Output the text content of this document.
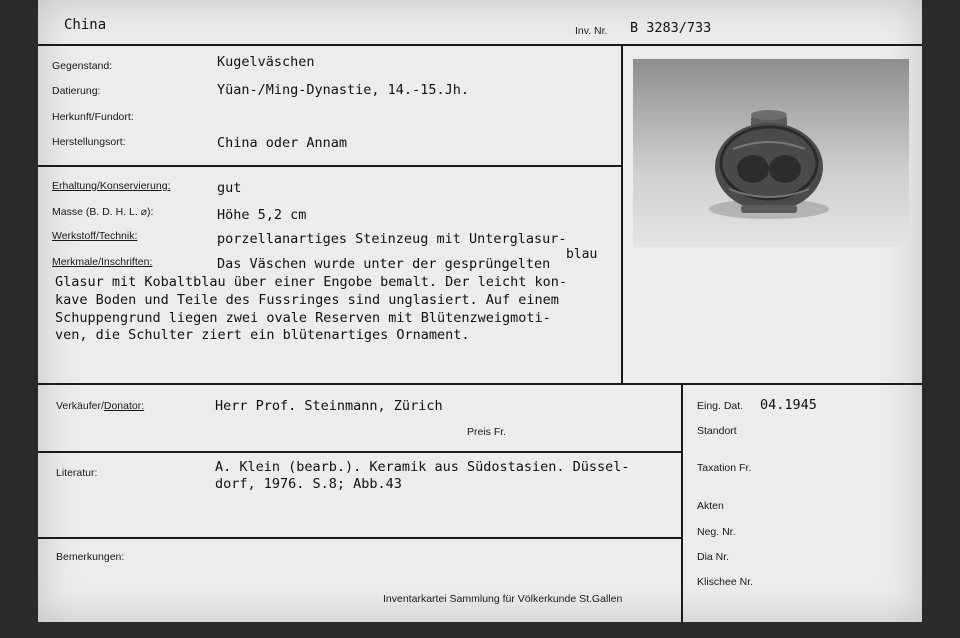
China	Inv. Nr. B 3283/733
Gegenstand:	Kugelväschen
Datierung:	Yüan-/Ming-Dynastie, 14.-15.Jh.
Herkunft/Fundort:
Herstellungsort:	China oder Annam
Erhaltung/Konservierung:	gut
Masse (B. D. H. L. ⌀):	Höhe 5,2 cm
Werkstoff/Technik:	porzellanartiges Steinzeug mit Unterglasur-
blau
Merkmale/Inschriften:	Das Väschen wurde unter der gesprüngelten
Glasur mit Kobaltblau über einer Engobe bemalt. Der leicht kon-
kave Boden und Teile des Fussringes sind unglasiert. Auf einem
Schuppengrund liegen zwei ovale Reserven mit Blütenzweigmoti-
ven, die Schulter ziert ein blütenartiges Ornament.
Verkäufer/Donator:	Herr Prof. Steinmann, Zürich
Preis Fr.
Literatur:	A. Klein (bearb.). Keramik aus Südostasien. Düssel-
dorf, 1976. S.8; Abb.43
Bemerkungen:
Inventarkartei Sammlung für Völkerkunde St.Gallen
Eing. Dat. 04.1945
Standort
Taxation Fr.
Akten
Neg. Nr.
Dia Nr.
Klischee Nr.
